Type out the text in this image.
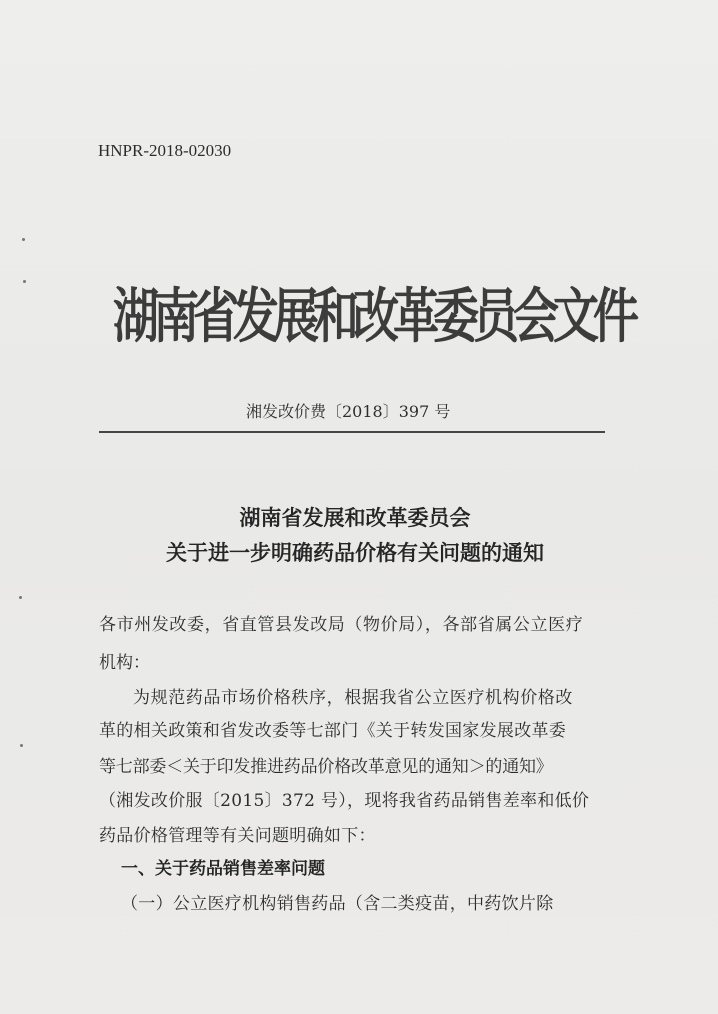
HNPR-2018-02030
湖南省发展和改革委员会文件
湘发改价费〔2018〕397 号
湖南省发展和改革委员会
关于进一步明确药品价格有关问题的通知
各市州发改委，省直管县发改局（物价局），各部省属公立医疗
机构：
为规范药品市场价格秩序，根据我省公立医疗机构价格改
革的相关政策和省发改委等七部门《关于转发国家发展改革委
等七部委＜关于印发推进药品价格改革意见的通知＞的通知》
（湘发改价服〔2015〕372 号），现将我省药品销售差率和低价
药品价格管理等有关问题明确如下：
一、关于药品销售差率问题
（一）公立医疗机构销售药品（含二类疫苗，中药饮片除
